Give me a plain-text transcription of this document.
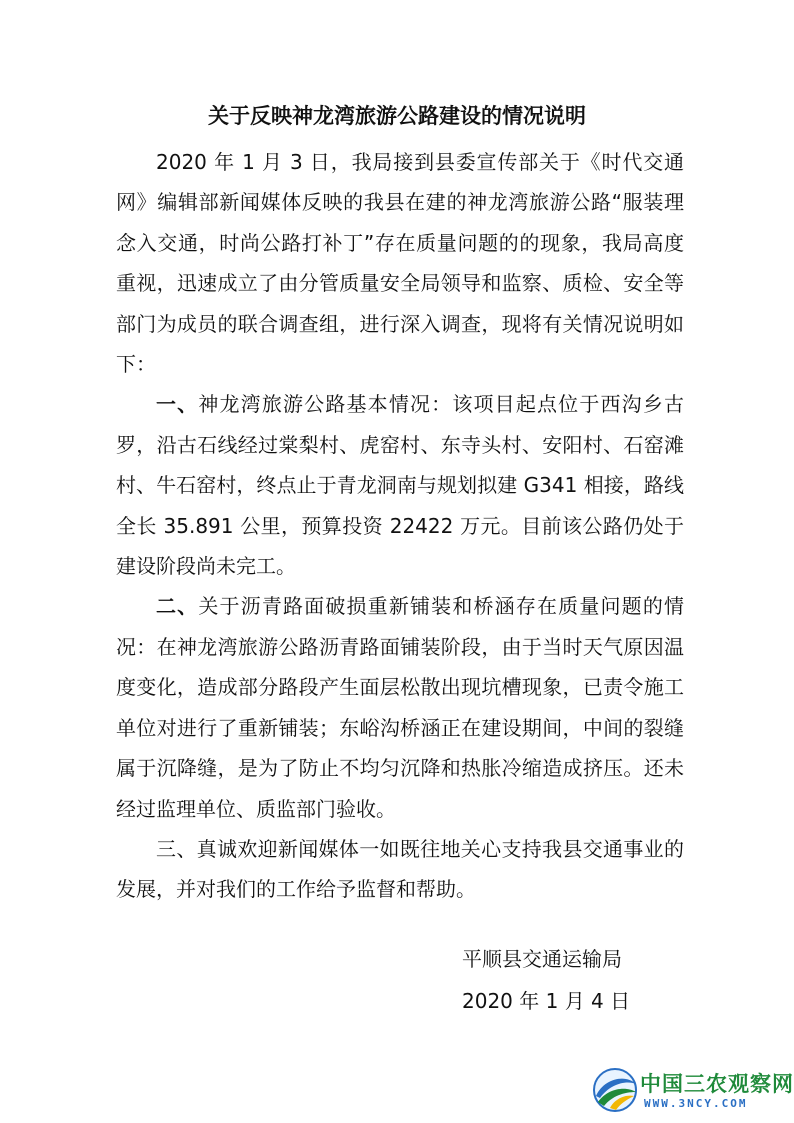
关于反映神龙湾旅游公路建设的情况说明

2020 年 1 月 3 日，我局接到县委宣传部关于《时代交通网》编辑部新闻媒体反映的我县在建的神龙湾旅游公路“服装理念入交通，时尚公路打补丁”存在质量问题的的现象，我局高度重视，迅速成立了由分管质量安全局领导和监察、质检、安全等部门为成员的联合调查组，进行深入调查，现将有关情况说明如下：

一、神龙湾旅游公路基本情况：该项目起点位于西沟乡古罗，沿古石线经过棠梨村、虎窑村、东寺头村、安阳村、石窑滩村、牛石窑村，终点止于青龙洞南与规划拟建 G341 相接，路线全长 35.891 公里，预算投资 22422 万元。目前该公路仍处于建设阶段尚未完工。

二、关于沥青路面破损重新铺装和桥涵存在质量问题的情况：在神龙湾旅游公路沥青路面铺装阶段，由于当时天气原因温度变化，造成部分路段产生面层松散出现坑槽现象，已责令施工单位对进行了重新铺装；东峪沟桥涵正在建设期间，中间的裂缝属于沉降缝，是为了防止不均匀沉降和热胀冷缩造成挤压。还未经过监理单位、质监部门验收。

三、真诚欢迎新闻媒体一如既往地关心支持我县交通事业的发展，并对我们的工作给予监督和帮助。

平顺县交通运输局
2020 年 1 月 4 日
中国三农观察网
WWW.3NCY.COM
